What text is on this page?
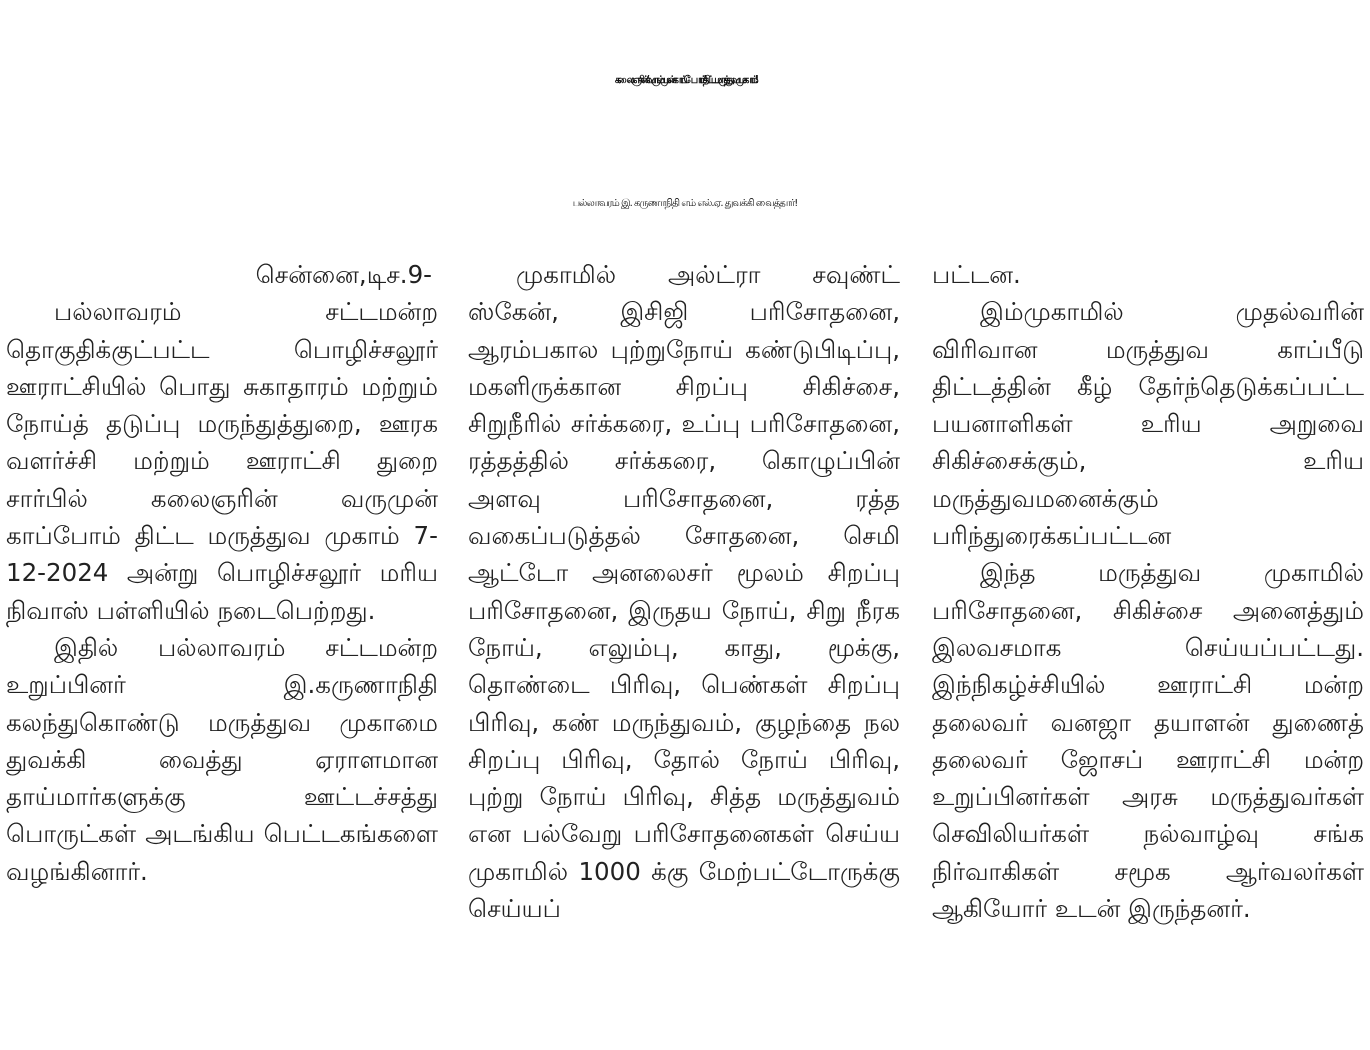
கலைஞரின் ‘வரும் முன் காப்போம்’ திட்ட மருத்துவ முகாம்!
பல்லாவரம் இ. கருணாநிதி எம் எல்.ஏ. துவக்கி வைத்தார்!

சென்னை,டிச.9-

பல்லாவரம் சட்டமன்ற தொகுதிக்குட்பட்ட பொழிச்சலூர் ஊராட்சியில் பொது சுகாதாரம் மற்றும் நோய்த் தடுப்பு மருந்துத்துறை, ஊரக வளர்ச்சி மற்றும் ஊராட்சி துறை சார்பில் கலைஞரின் வருமுன் காப்போம் திட்ட மருத்துவ முகாம் 7-12-2024 அன்று பொழிச்சலூர் மரிய நிவாஸ் பள்ளியில் நடைபெற்றது.

இதில் பல்லாவரம் சட்டமன்ற உறுப்பினர் இ.கருணாநிதி கலந்துகொண்டு மருத்துவ முகாமை துவக்கி வைத்து ஏராளமான தாய்மார்களுக்கு ஊட்டச்சத்து பொருட்கள் அடங்கிய பெட்டகங்களை வழங்கினார்.

முகாமில் அல்ட்ரா சவுண்ட் ஸ்கேன், இசிஜி பரிசோதனை, ஆரம்பகால புற்றுநோய் கண்டுபிடிப்பு, மகளிருக்கான சிறப்பு சிகிச்சை, சிறுநீரில் சர்க்கரை, உப்பு பரிசோதனை, ரத்தத்தில் சர்க்கரை, கொழுப்பின் அளவு பரிசோதனை, ரத்த வகைப்படுத்தல் சோதனை, செமி ஆட்டோ அனலைசர் மூலம் சிறப்பு பரிசோதனை, இருதய நோய், சிறு நீரக நோய், எலும்பு, காது, மூக்கு, தொண்டை பிரிவு, பெண்கள் சிறப்பு பிரிவு, கண் மருந்துவம், குழந்தை நல சிறப்பு பிரிவு, தோல் நோய் பிரிவு, புற்று நோய் பிரிவு, சித்த மருத்துவம் என பல்வேறு பரிசோதனைகள் செய்ய முகாமில் 1000 க்கு மேற்பட்டோருக்கு செய்யப்

பட்டன.

இம்முகாமில் முதல்வரின் விரிவான மருத்துவ காப்பீடு திட்டத்தின் கீழ் தேர்ந்தெடுக்கப்பட்ட பயனாளிகள் உரிய அறுவை சிகிச்சைக்கும், உரிய மருத்துவமனைக்கும் பரிந்துரைக்கப்பட்டன

இந்த மருத்துவ முகாமில் பரிசோதனை, சிகிச்சை அனைத்தும் இலவசமாக செய்யப்பட்டது. இந்நிகழ்ச்சியில் ஊராட்சி மன்ற தலைவர் வனஜா தயாளன் துணைத் தலைவர் ஜோசப் ஊராட்சி மன்ற உறுப்பினர்கள் அரசு மருத்துவர்கள் செவிலியர்கள் நல்வாழ்வு சங்க நிர்வாகிகள் சமூக ஆர்வலர்கள் ஆகியோர் உடன் இருந்தனர்.
